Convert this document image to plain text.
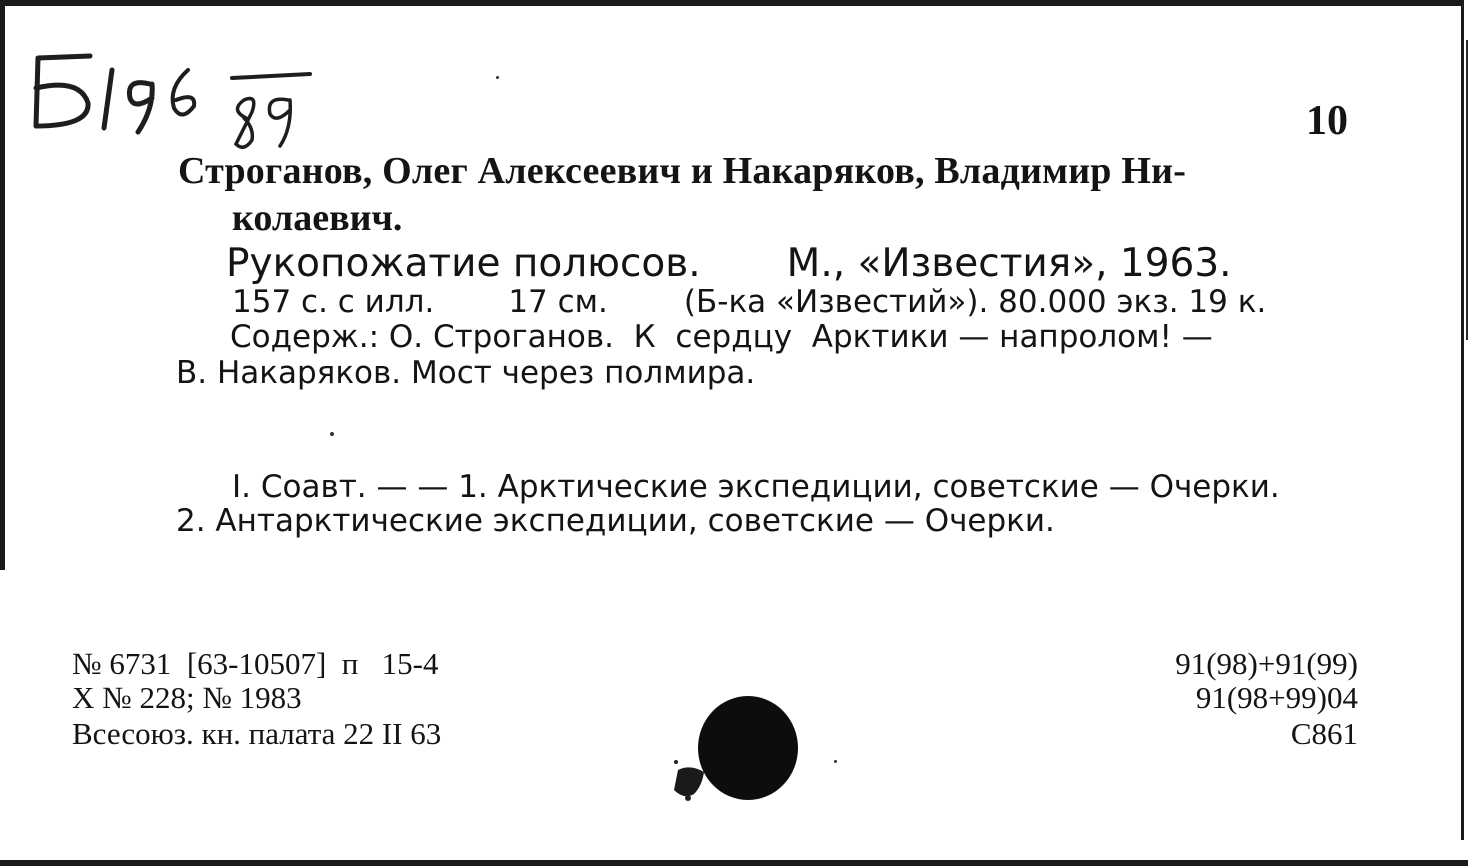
10
Строганов, Олег Алексеевич и Накаряков, Владимир Ни-
колаевич.
Рукопожатие полюсов. М., «Известия», 1963.
157 с. с илл. 17 см. (Б-ка «Известий»). 80.000 экз. 19 к.
Содерж.: О. Строганов.  К  сердцу  Арктики — напролом! —
В. Накаряков. Мост через полмира.
I. Соавт. — — 1. Арктические экспедиции, советские — Очерки.
2. Антарктические экспедиции, советские — Очерки.
№ 6731  [63-10507]  п   15-4
X № 228; № 1983
Всесоюз. кн. палата 22 II 63
91(98)+91(99)
91(98+99)04
С861
